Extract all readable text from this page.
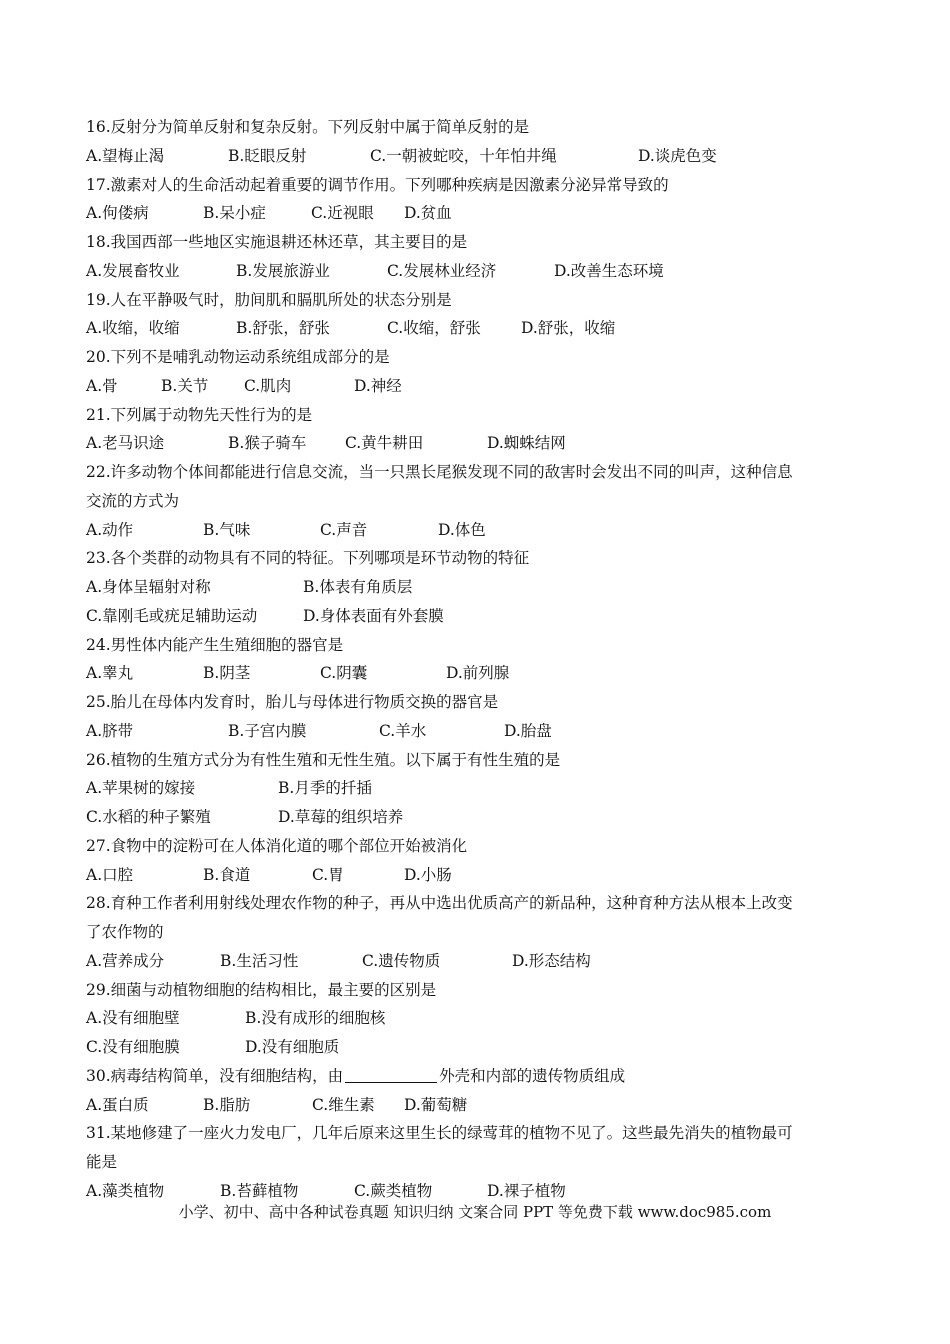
16.反射分为简单反射和复杂反射。下列反射中属于简单反射的是
A.望梅止渴	B.眨眼反射	C.一朝被蛇咬，十年怕井绳	D.谈虎色变
17.激素对人的生命活动起着重要的调节作用。下列哪种疾病是因激素分泌异常导致的
A.佝偻病	B.呆小症	C.近视眼 D.贫血
18.我国西部一些地区实施退耕还林还草，其主要目的是
A.发展畜牧业	B.发展旅游业	C.发展林业经济	D.改善生态环境
19.人在平静吸气时，肋间肌和膈肌所处的状态分别是
A.收缩，收缩	B.舒张，舒张	C.收缩，舒张	D.舒张，收缩
20.下列不是哺乳动物运动系统组成部分的是
A.骨	B.关节 C.肌肉	D.神经
21.下列属于动物先天性行为的是
A.老马识途	B.猴子骑车 C.黄牛耕田	D.蜘蛛结网
22.许多动物个体间都能进行信息交流，当一只黑长尾猴发现不同的敌害时会发出不同的叫声，这种信息
交流的方式为
A.动作	B.气味	C.声音	D.体色
23.各个类群的动物具有不同的特征。下列哪项是环节动物的特征
A.身体呈辐射对称	B.体表有角质层
C.靠刚毛或疣足辅助运动	D.身体表面有外套膜
24.男性体内能产生生殖细胞的器官是
A.睾丸	B.阴茎	C.阴囊	D.前列腺
25.胎儿在母体内发育时，胎儿与母体进行物质交换的器官是
A.脐带	B.子宫内膜	C.羊水	D.胎盘
26.植物的生殖方式分为有性生殖和无性生殖。以下属于有性生殖的是
A.苹果树的嫁接	B.月季的扦插
C.水稻的种子繁殖	D.草莓的组织培养
27.食物中的淀粉可在人体消化道的哪个部位开始被消化
A.口腔	B.食道	C.胃	D.小肠
28.育种工作者利用射线处理农作物的种子，再从中选出优质高产的新品种，这种育种方法从根本上改变
了农作物的
A.营养成分	B.生活习性	C.遗传物质	D.形态结构
29.细菌与动植物细胞的结构相比，最主要的区别是
A.没有细胞壁	B.没有成形的细胞核
C.没有细胞膜	D.没有细胞质
30.病毒结构简单，没有细胞结构，由	外壳和内部的遗传物质组成
A.蛋白质	B.脂肪	C.维生素 D.葡萄糖
31.某地修建了一座火力发电厂，几年后原来这里生长的绿莺茸的植物不见了。这些最先消失的植物最可
能是
A.藻类植物	B.苔藓植物	C.蕨类植物	D.裸子植物
小学、初中、高中各种试卷真题 知识归纳 文案合同 PPT 等免费下载 www.doc985.com
